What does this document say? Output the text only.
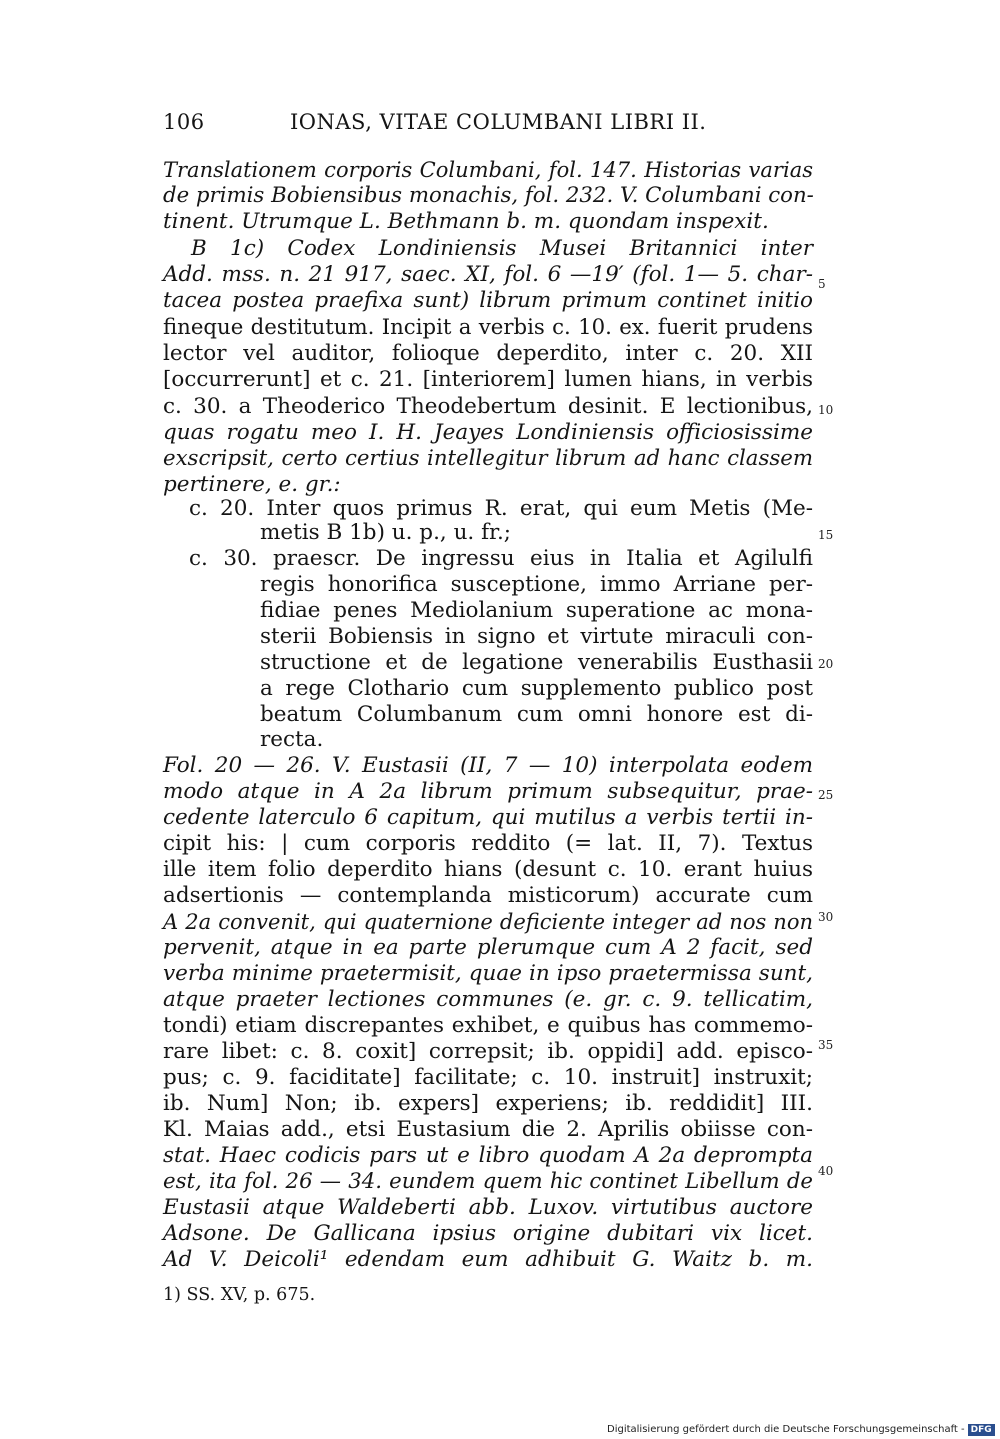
106	IONAS, VITAE COLUMBANI LIBRI II.
Translationem corporis Columbani, fol. 147. Historias varias
de primis Bobiensibus monachis, fol. 232. V. Columbani con-
tinent. Utrumque L. Bethmann b. m. quondam inspexit.
B 1c) Codex Londiniensis Musei Britannici inter
Add. mss. n. 21 917, saec. XI, fol. 6 —19′ (fol. 1— 5. char-
tacea postea praefixa sunt) librum primum continet initio
fineque destitutum. Incipit a verbis c. 10. ex. fuerit prudens
lector vel auditor, folioque deperdito, inter c. 20. XII
[occurrerunt] et c. 21. [interiorem] lumen hians, in verbis
c. 30. a Theoderico Theodebertum desinit. E lectionibus,
quas rogatu meo I. H. Jeayes Londiniensis officiosissime
exscripsit, certo certius intellegitur librum ad hanc classem
pertinere, e. gr.:
c. 20. Inter quos primus R. erat, qui eum Metis (Me-
metis B 1b) u. p., u. fr.;
c. 30. praescr. De ingressu eius in Italia et Agilulfi
regis honorifica susceptione, immo Arriane per-
fidiae penes Mediolanium superatione ac mona-
sterii Bobiensis in signo et virtute miraculi con-
structione et de legatione venerabilis Eusthasii
a rege Clothario cum supplemento publico post
beatum Columbanum cum omni honore est di-
recta.
Fol. 20 — 26. V. Eustasii (II, 7 — 10) interpolata eodem
modo atque in A 2a librum primum subsequitur, prae-
cedente laterculo 6 capitum, qui mutilus a verbis tertii in-
cipit his: | cum corporis reddito (= lat. II, 7). Textus
ille item folio deperdito hians (desunt c. 10. erant huius
adsertionis — contemplanda misticorum) accurate cum
A 2a convenit, qui quaternione deficiente integer ad nos non
pervenit, atque in ea parte plerumque cum A 2 facit, sed
verba minime praetermisit, quae in ipso praetermissa sunt,
atque praeter lectiones communes (e. gr. c. 9. tellicatim,
tondi) etiam discrepantes exhibet, e quibus has commemo-
rare libet: c. 8. coxit] correpsit; ib. oppidi] add. episco-
pus; c. 9. faciditate] facilitate; c. 10. instruit] instruxit;
ib. Num] Non; ib. expers] experiens; ib. reddidit] III.
Kl. Maias add., etsi Eustasium die 2. Aprilis obiisse con-
stat. Haec codicis pars ut e libro quodam A 2a deprompta
est, ita fol. 26 — 34. eundem quem hic continet Libellum de
Eustasii atque Waldeberti abb. Luxov. virtutibus auctore
Adsone. De Gallicana ipsius origine dubitari vix licet.
Ad V. Deicoli¹ edendam eum adhibuit G. Waitz b. m.
5
10
15
20
25
30
35
40
1) SS. XV, p. 675.
Digitalisierung gefördert durch die Deutsche Forschungsgemeinschaft - DFG
